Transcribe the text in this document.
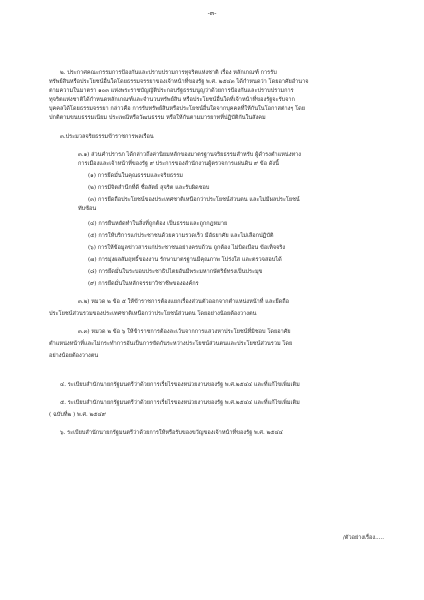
-๓-
๒. ประกาศคณะกรรมการป้องกันและปราบปรามการทุจริตแห่งชาติ เรื่อง หลักเกณฑ์ การรับ
ทรัพย์สินหรือประโยชน์อื่นใดโดยธรรมจรรยาของเจ้าหน้าที่ของรัฐ พ.ศ. ๒๕๔๓ ได้กำหนดว่า โดยอาศัยอำนาจ
ตามความในมาตรา ๑๐๓ แห่งพระราชบัญญัติประกอบรัฐธรรมนูญว่าด้วยการป้องกันและปราบปรามการ
ทุจริตแห่งชาติได้กำหนดหลักเกณฑ์และจำนวนทรัพย์สิน หรือประโยชน์อื่นใดที่เจ้าหน้าที่ของรัฐจะรับจาก
บุคคลได้โดยธรรมจรรยา กล่าวคือ การรับทรัพย์สินหรือประโยชน์อื่นใดจากบุคคลที่ให้กันในโอกาสต่างๆ โดย
ปกติตามขนบธรรมเนียม ประเพณีหรือวัฒนธรรม หรือให้กันตามมารยาทที่ปฏิบัติกันในสังคม
๓.ประมวลจริยธรรมข้าราชการพลเรือน
๓.๑) ส่วนคำปรารภ ได้กล่าวถึงค่านิยมหลักของมาตรฐานจริยธรรมสำหรับ ผู้ดำรงตำแหน่งทาง
การเมืองและเจ้าหน้าที่ของรัฐ ๙ ประการของสำนักงานผู้ตรวจการแผ่นดิน ๙ ข้อ ดังนี้
(๑) การยึดมั่นในคุณธรรมและจริยธรรม
(๒) การมีจิตสำนึกที่ดี ซื่อสัตย์ สุจริต และรับผิดชอบ
(๓) การยึดถือประโยชน์ของประเทศชาติเหนือกว่าประโยชน์ส่วนตน และไม่มีผลประโยชน์
ทับซ้อน
(๔) การยืนหยัดทำในสิ่งที่ถูกต้อง เป็นธรรมและถูกกฎหมาย
(๕) การให้บริการแก่ประชาชนด้วยความรวดเร็ว มีอัธยาศัย และไม่เลือกปฏิบัติ
(๖) การให้ข้อมูลข่าวสารแก่ประชาชนอย่างครบถ้วน ถูกต้อง ไม่บิดเบือน ข้อเท็จจริง
(๗) การมุ่งผลสัมฤทธิ์ของงาน รักษามาตรฐานมีคุณภาพ โปร่งใส และตรวจสอบได้
(๘) การยึดมั่นในระบอบประชาธิปไตยอันมีพระมหากษัตริย์ทรงเป็นประมุข
(๙) การยึดมั่นในหลักจรรยาวิชาชีพขององค์กร
๓.๒) หมวด ๒ ข้อ ๕ ให้ข้าราชการต้องแยกเรื่องส่วนตัวออกจากตำแหน่งหน้าที่ และยึดถือ
ประโยชน์ส่วนรวมของประเทศชาติเหนือกว่าประโยชน์ส่วนตน โดยอย่างน้อยต้องวางตน
๓.๓) หมวด ๒ ข้อ ๖ ให้ข้าราชการต้องละเว้นจากการแสวงหาประโยชน์ที่มิชอบ โดยอาศัย
ตำแหน่งหน้าที่และไม่กระทำการอันเป็นการขัดกันระหว่างประโยชน์ส่วนตนและประโยชน์ส่วนรวม โดย
อย่างน้อยต้องวางตน
๔. ระเบียบสำนักนายกรัฐมนตรีว่าด้วยการเรี่ยไรของหน่วยงานของรัฐ พ.ศ.๒๕๔๔ และที่แก้ไขเพิ่มเติม
๕. ระเบียบสำนักนายกรัฐมนตรีว่าด้วยการเรี่ยไรของหน่วยงานของรัฐ พ.ศ.๒๕๔๔ และที่แก้ไขเพิ่มเติม
( ฉบับที่๒ ) พ.ศ. ๒๕๔๙
๖. ระเบียบสำนักนายกรัฐมนตรีว่าด้วยการให้หรือรับของขวัญของเจ้าหน้าที่ของรัฐ พ.ศ. ๒๕๔๔
/ตัวอย่างเรื่อง.....
